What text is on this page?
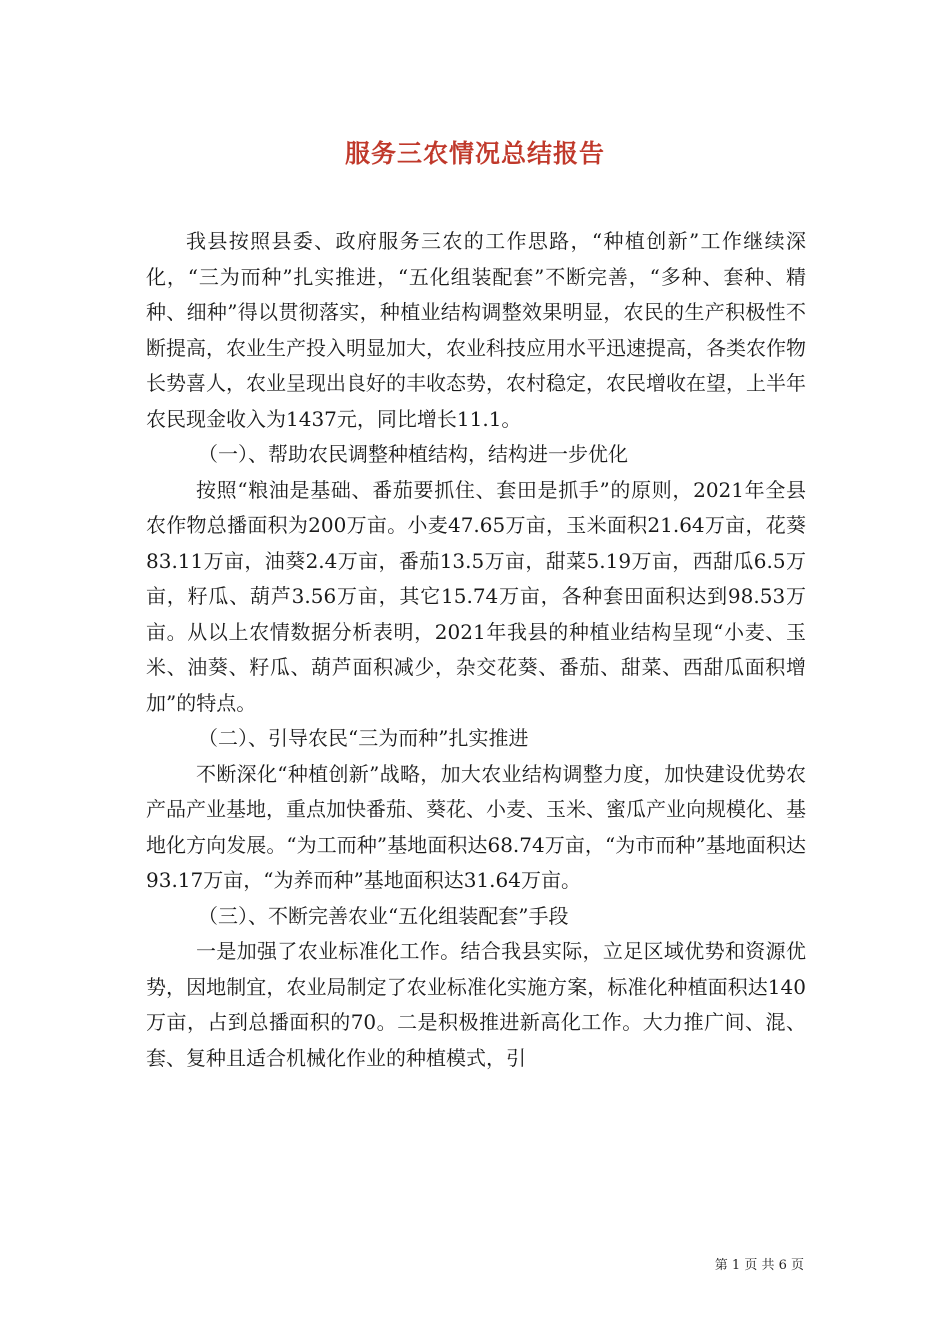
服务三农情况总结报告

我县按照县委、政府服务三农的工作思路，“种植创新”工作继续深化，“三为而种”扎实推进，“五化组装配套”不断完善，“多种、套种、精种、细种”得以贯彻落实，种植业结构调整效果明显，农民的生产积极性不断提高，农业生产投入明显加大，农业科技应用水平迅速提高，各类农作物长势喜人，农业呈现出良好的丰收态势，农村稳定，农民增收在望，上半年农民现金收入为1437元，同比增长11.1。

（一）、帮助农民调整种植结构，结构进一步优化

按照“粮油是基础、番茄要抓住、套田是抓手”的原则，2021年全县农作物总播面积为200万亩。小麦47.65万亩，玉米面积21.64万亩，花葵83.11万亩，油葵2.4万亩，番茄13.5万亩，甜菜5.19万亩，西甜瓜6.5万亩，籽瓜、葫芦3.56万亩，其它15.74万亩，各种套田面积达到98.53万亩。从以上农情数据分析表明，2021年我县的种植业结构呈现“小麦、玉米、油葵、籽瓜、葫芦面积减少，杂交花葵、番茄、甜菜、西甜瓜面积增加”的特点。

（二）、引导农民“三为而种”扎实推进

不断深化“种植创新”战略，加大农业结构调整力度，加快建设优势农产品产业基地，重点加快番茄、葵花、小麦、玉米、蜜瓜产业向规模化、基地化方向发展。“为工而种”基地面积达68.74万亩，“为市而种”基地面积达93.17万亩，“为养而种”基地面积达31.64万亩。

（三）、不断完善农业“五化组装配套”手段

一是加强了农业标准化工作。结合我县实际，立足区域优势和资源优势，因地制宜，农业局制定了农业标准化实施方案，标准化种植面积达140万亩，占到总播面积的70。二是积极推进新高化工作。大力推广间、混、套、复种且适合机械化作业的种植模式，引

第 1 页 共 6 页
